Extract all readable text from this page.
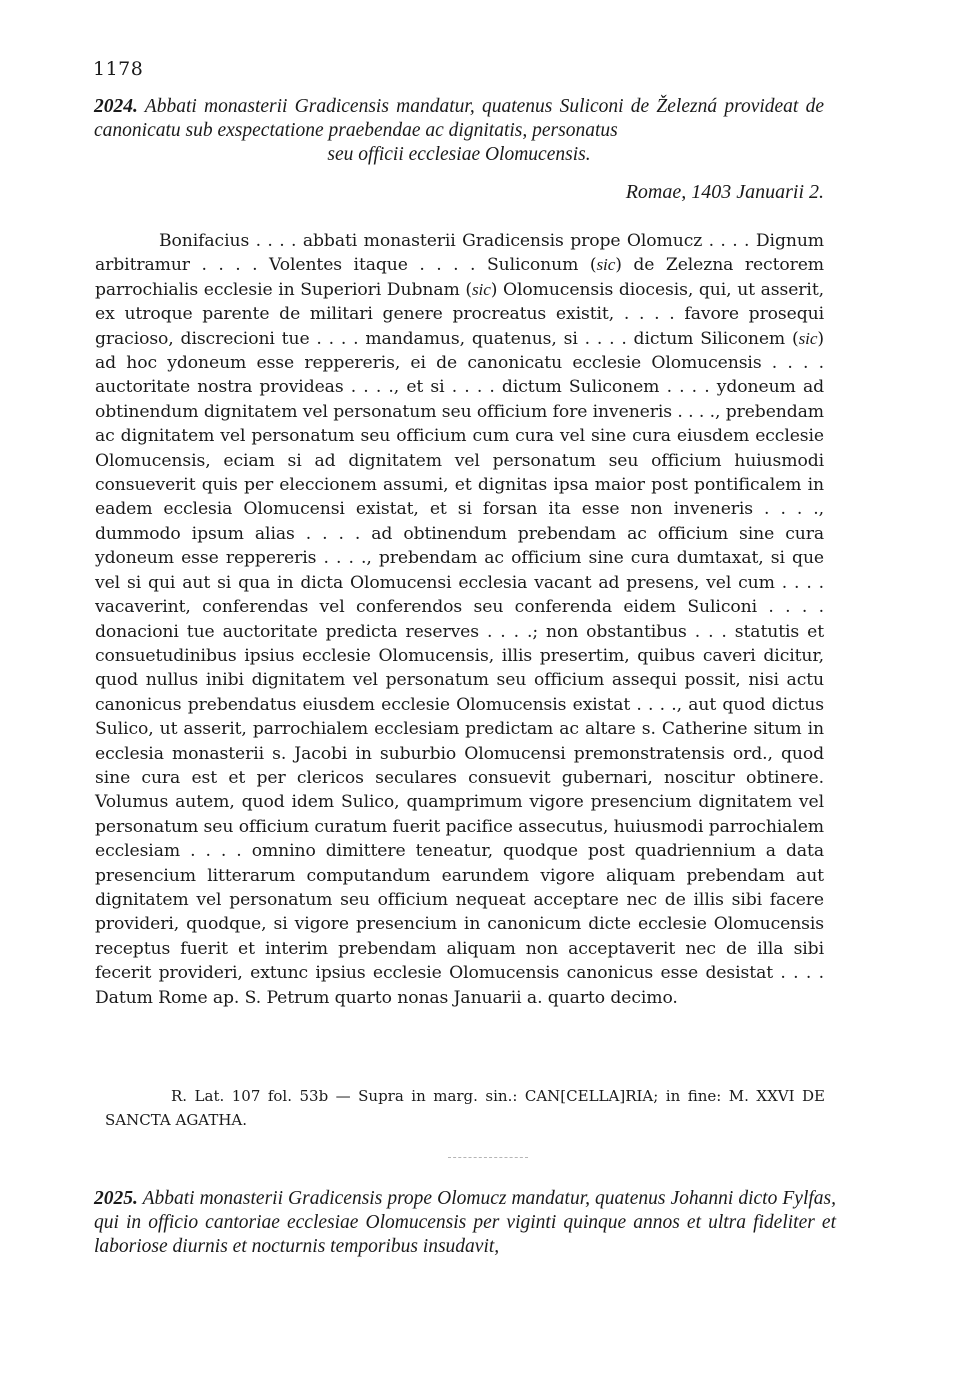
1178
2024. Abbati monasterii Gradicensis mandatur, quatenus Suliconi de Železná provideat de canonicatu sub exspectatione praebendae ac dignitatis, personatus
seu officii ecclesiae Olomucensis.
Romae, 1403 Januarii 2.

Bonifacius . . . . abbati monasterii Gradicensis prope Olomucz . . . . Dignum arbitramur . . . . Volentes itaque . . . . Suliconum (sic) de Zelezna rectorem parrochialis ecclesie in Superiori Dubnam (sic) Olomucensis diocesis, qui, ut asserit, ex utroque parente de militari genere procreatus existit, . . . . favore prosequi gracioso, discrecioni tue . . . . mandamus, quatenus, si . . . . dictum Siliconem (sic) ad hoc ydoneum esse reppereris, ei de canonicatu ecclesie Olomucensis . . . . auctoritate nostra provideas . . . ., et si . . . . dictum Suliconem . . . . ydoneum ad obtinendum dignitatem vel personatum seu officium fore inveneris . . . ., prebendam ac dignitatem vel personatum seu officium cum cura vel sine cura eiusdem ecclesie Olomucensis, eciam si ad dignitatem vel personatum seu officium huiusmodi consueverit quis per eleccionem assumi, et dignitas ipsa maior post pontificalem in eadem ecclesia Olomucensi existat, et si forsan ita esse non inveneris . . . ., dummodo ipsum alias . . . . ad obtinendum prebendam ac officium sine cura ydoneum esse reppereris . . . ., prebendam ac officium sine cura dumtaxat, si que vel si qui aut si qua in dicta Olomucensi ecclesia vacant ad presens, vel cum . . . . vacaverint, conferendas vel conferendos seu conferenda eidem Suliconi . . . . donacioni tue auctoritate predicta reserves . . . .; non obstantibus . . . statutis et consuetudinibus ipsius ecclesie Olomucensis, illis presertim, quibus caveri dicitur, quod nullus inibi dignitatem vel personatum seu officium assequi possit, nisi actu canonicus prebendatus eiusdem ecclesie Olomucensis existat . . . ., aut quod dictus Sulico, ut asserit, parrochialem ecclesiam predictam ac altare s. Catherine situm in ecclesia monasterii s. Jacobi in suburbio Olomucensi premonstratensis ord., quod sine cura est et per clericos seculares consuevit gubernari, noscitur obtinere. Volumus autem, quod idem Sulico, quamprimum vigore presencium dignitatem vel personatum seu officium curatum fuerit pacifice assecutus, huiusmodi parrochialem ecclesiam . . . . omnino dimittere teneatur, quodque post quadriennium a data presencium litterarum computandum earundem vigore aliquam prebendam aut dignitatem vel personatum seu officium nequeat acceptare nec de illis sibi facere provideri, quodque, si vigore presencium in canonicum dicte ecclesie Olomucensis receptus fuerit et interim prebendam aliquam non acceptaverit nec de illa sibi fecerit provideri, extunc ipsius ecclesie Olomucensis canonicus esse desistat . . . . Datum Rome ap. S. Petrum quarto nonas Januarii a. quarto decimo.

R. Lat. 107 fol. 53b — Supra in marg. sin.: CAN[CELLA]RIA; in fine: M. XXVI DE SANCTA AGATHA.

2025. Abbati monasterii Gradicensis prope Olomucz mandatur, quatenus Johanni dicto Fylfas, qui in officio cantoriae ecclesiae Olomucensis per viginti quinque annos et ultra fideliter et laboriose diurnis et nocturnis temporibus insudavit,
